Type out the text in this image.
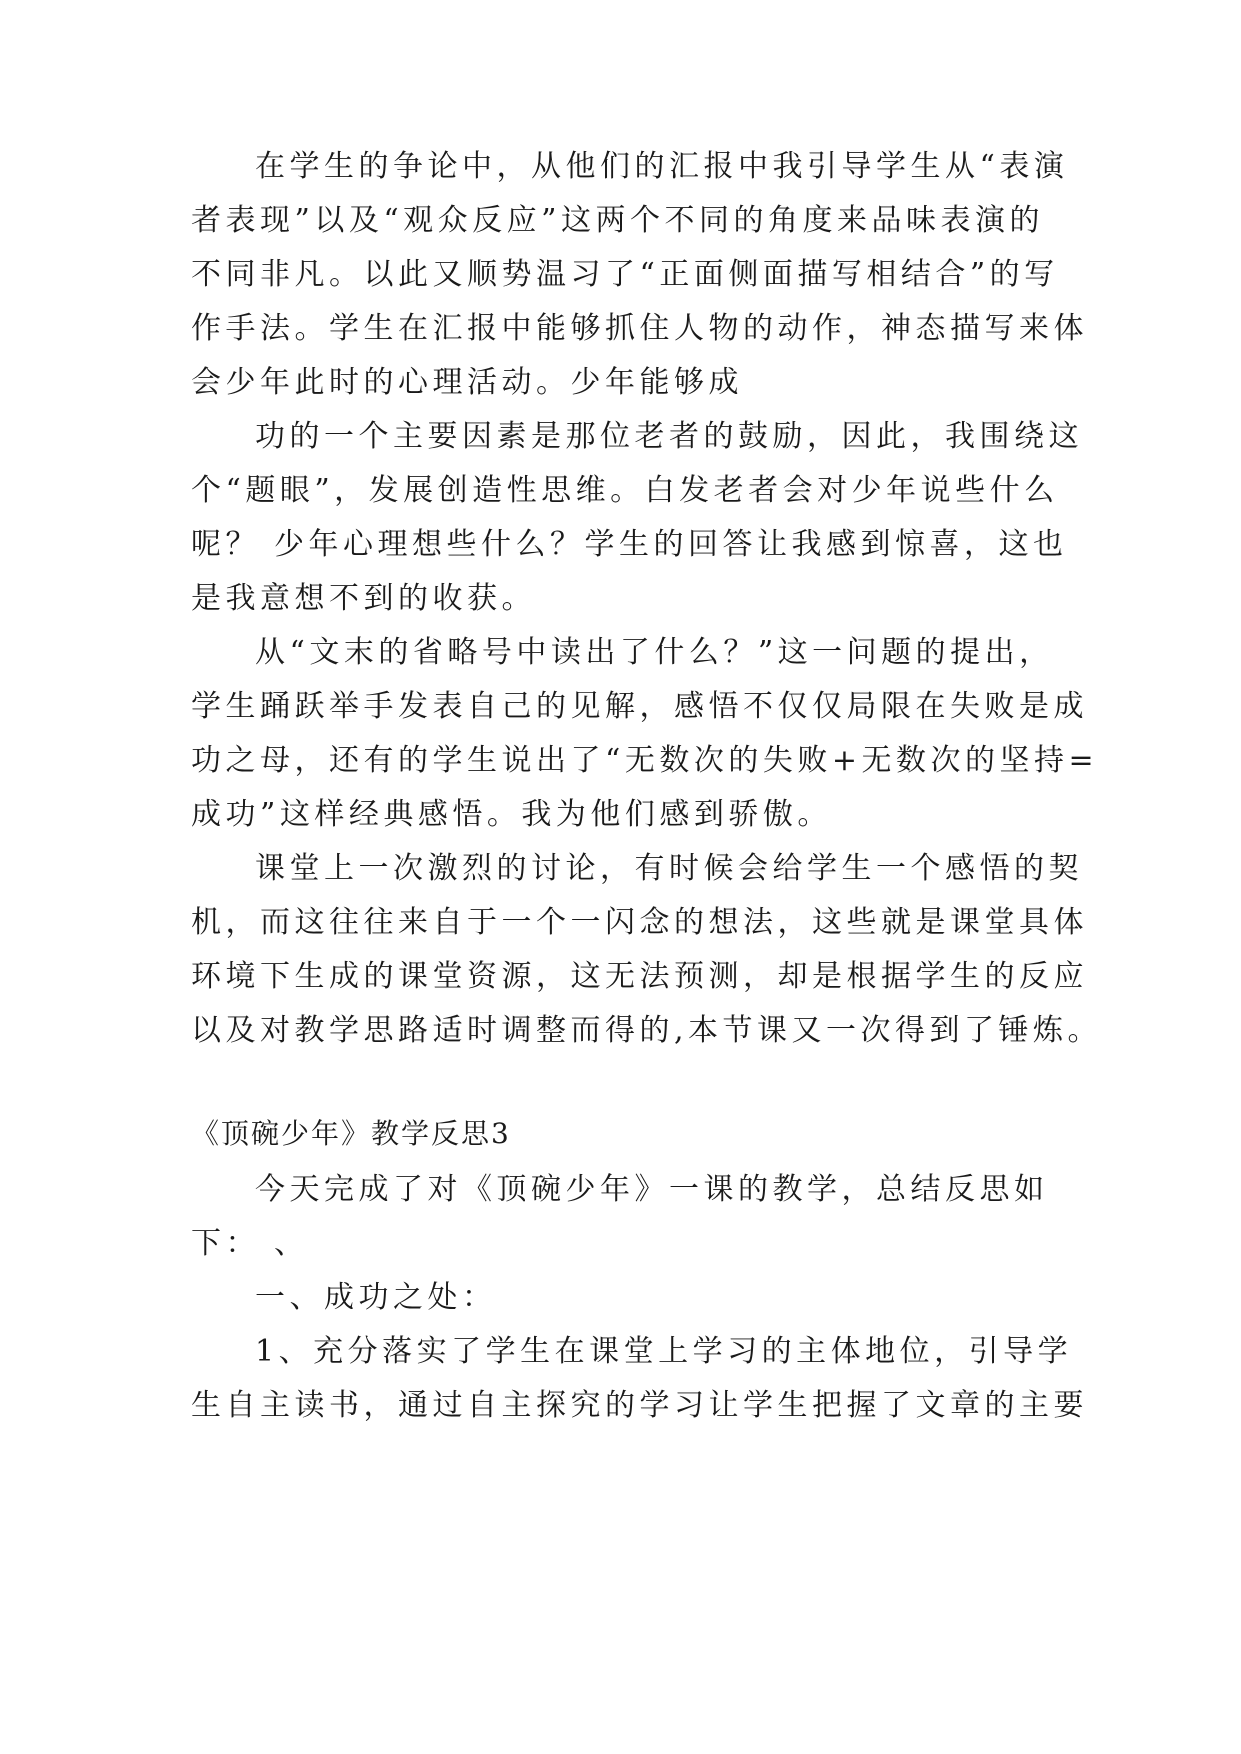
在学生的争论中，从他们的汇报中我引导学生从“表演
者表现”以及“观众反应”这两个不同的角度来品味表演的
不同非凡。以此又顺势温习了“正面侧面描写相结合”的写
作手法。学生在汇报中能够抓住人物的动作，神态描写来体
会少年此时的心理活动。少年能够成
功的一个主要因素是那位老者的鼓励，因此，我围绕这
个“题眼”，发展创造性思维。白发老者会对少年说些什么
呢？ 少年心理想些什么？学生的回答让我感到惊喜，这也
是我意想不到的收获。
从“文末的省略号中读出了什么？”这一问题的提出，
学生踊跃举手发表自己的见解，感悟不仅仅局限在失败是成
功之母，还有的学生说出了“无数次的失败+无数次的坚持=
成功”这样经典感悟。我为他们感到骄傲。
课堂上一次激烈的讨论，有时候会给学生一个感悟的契
机，而这往往来自于一个一闪念的想法，这些就是课堂具体
环境下生成的课堂资源，这无法预测，却是根据学生的反应
以及对教学思路适时调整而得的,本节课又一次得到了锤炼。
《顶碗少年》教学反思3
今天完成了对《顶碗少年》一课的教学，总结反思如
下： 、
一、成功之处：
1、充分落实了学生在课堂上学习的主体地位，引导学
生自主读书，通过自主探究的学习让学生把握了文章的主要
